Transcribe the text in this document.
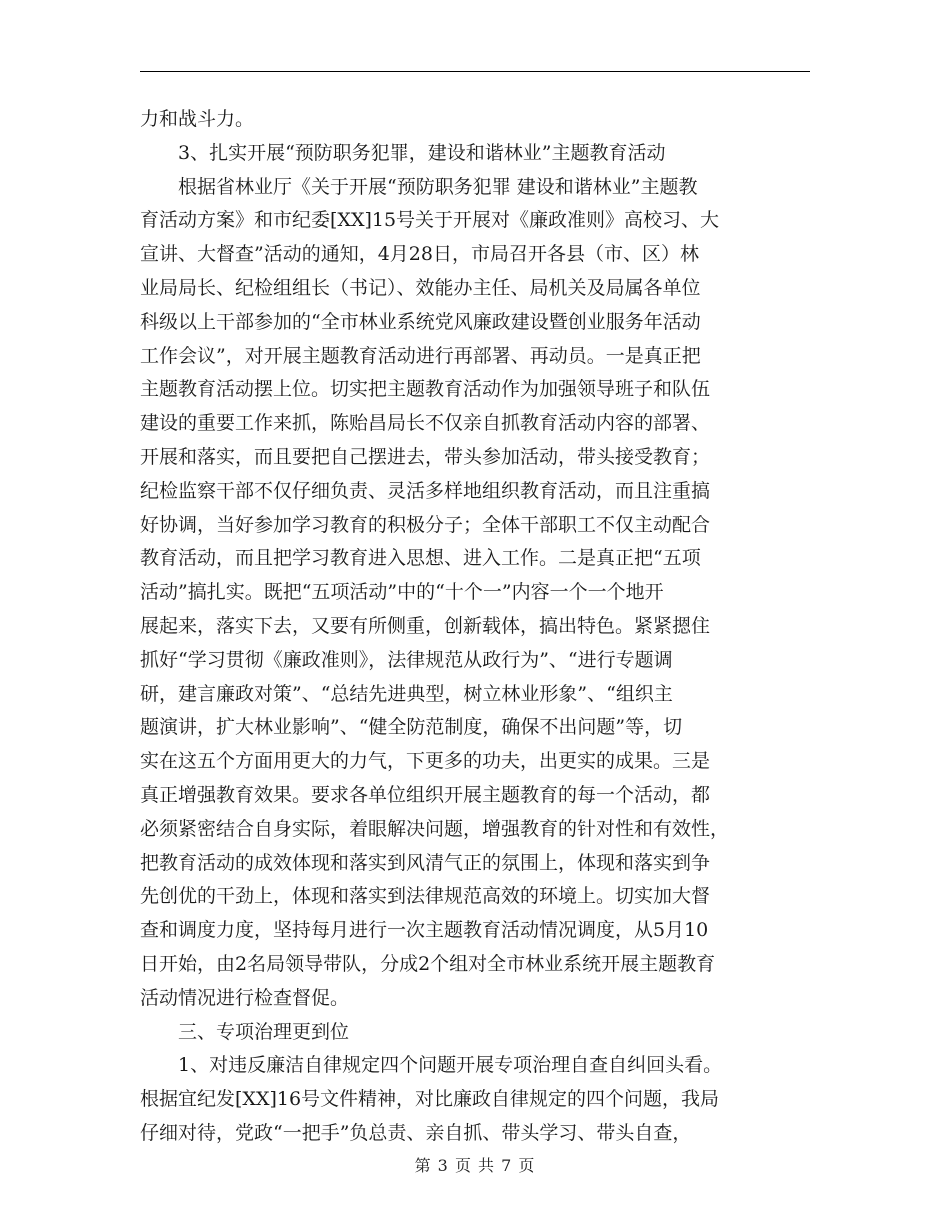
力和战斗力。
　　3、扎实开展“预防职务犯罪，建设和谐林业”主题教育活动
　　根据省林业厅《关于开展“预防职务犯罪 建设和谐林业”主题教
育活动方案》和市纪委[XX]15号关于开展对《廉政准则》高校习、大
宣讲、大督查”活动的通知，4月28日，市局召开各县（市、区）林
业局局长、纪检组组长（书记）、效能办主任、局机关及局属各单位
科级以上干部参加的“全市林业系统党风廉政建设暨创业服务年活动
工作会议”，对开展主题教育活动进行再部署、再动员。一是真正把
主题教育活动摆上位。切实把主题教育活动作为加强领导班子和队伍
建设的重要工作来抓，陈贻昌局长不仅亲自抓教育活动内容的部署、
开展和落实，而且要把自己摆进去，带头参加活动，带头接受教育；
纪检监察干部不仅仔细负责、灵活多样地组织教育活动，而且注重搞
好协调，当好参加学习教育的积极分子；全体干部职工不仅主动配合
教育活动，而且把学习教育进入思想、进入工作。二是真正把“五项
活动”搞扎实。既把“五项活动”中的“十个一”内容一个一个地开
展起来，落实下去，又要有所侧重，创新载体，搞出特色。紧紧摁住
抓好“学习贯彻《廉政准则》，法律规范从政行为”、“进行专题调
研，建言廉政对策”、“总结先进典型，树立林业形象”、“组织主
题演讲，扩大林业影响”、“健全防范制度，确保不出问题”等，切
实在这五个方面用更大的力气，下更多的功夫，出更实的成果。三是
真正增强教育效果。要求各单位组织开展主题教育的每一个活动，都
必须紧密结合自身实际，着眼解决问题，增强教育的针对性和有效性，
把教育活动的成效体现和落实到风清气正的氛围上，体现和落实到争
先创优的干劲上，体现和落实到法律规范高效的环境上。切实加大督
查和调度力度，坚持每月进行一次主题教育活动情况调度，从5月10
日开始，由2名局领导带队，分成2个组对全市林业系统开展主题教育
活动情况进行检查督促。
　　三、专项治理更到位
　　1、对违反廉洁自律规定四个问题开展专项治理自查自纠回头看。
根据宜纪发[XX]16号文件精神，对比廉政自律规定的四个问题，我局
仔细对待，党政“一把手”负总责、亲自抓、带头学习、带头自查，
第 3 页 共 7 页
